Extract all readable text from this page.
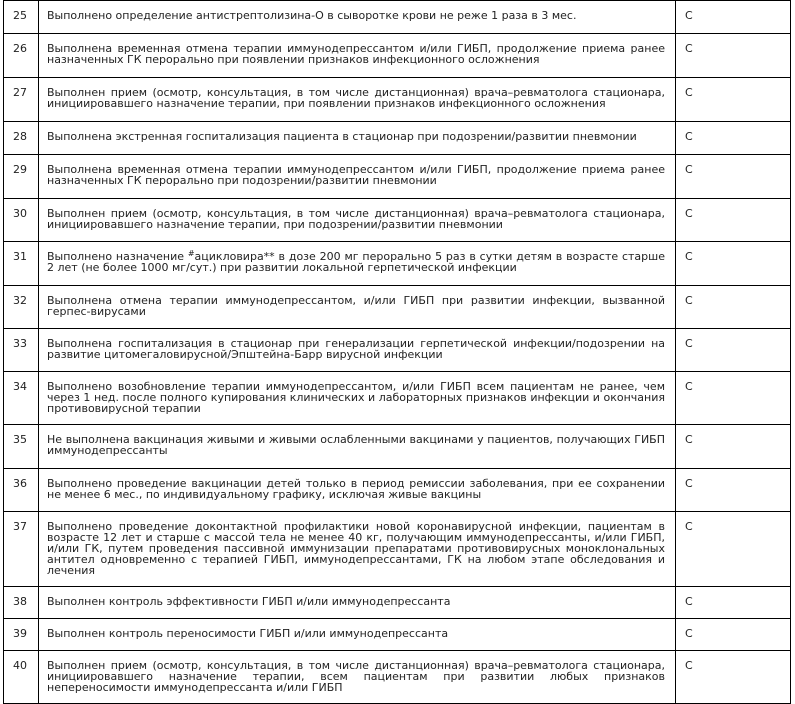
25	Выполнено определение антистрептолизина-О в сыворотке крови не реже 1 раза в 3 мес.	C

26	Выполнена временная отмена терапии иммунодепрессантом и/или ГИБП, продолжение приема ранее назначенных ГК перорально при появлении признаков инфекционного осложнения	C

27	Выполнен прием (осмотр, консультация, в том числе дистанционная) врача–ревматолога стационара, инициировавшего назначение терапии, при появлении признаков инфекционного осложнения	C

28	Выполнена экстренная госпитализация пациента в стационар при подозрении/развитии пневмонии	C

29	Выполнена временная отмена терапии иммунодепрессантом и/или ГИБП, продолжение приема ранее назначенных ГК перорально при подозрении/развитии пневмонии	C

30	Выполнен прием (осмотр, консультация, в том числе дистанционная) врача–ревматолога стационара, инициировавшего назначение терапии, при подозрении/развитии пневмонии	C

31	Выполнено назначение #ацикловира** в дозе 200 мг перорально 5 раз в сутки детям в возрасте старше 2 лет (не более 1000 мг/сут.) при развитии локальной герпетической инфекции	C

32	Выполнена отмена терапии иммунодепрессантом, и/или ГИБП при развитии инфекции, вызванной герпес-вирусами	C

33	Выполнена госпитализация в стационар при генерализации герпетической инфекции/подозрении на развитие цитомегаловирусной/Эпштейна-Барр вирусной инфекции	C

34	Выполнено возобновление терапии иммунодепрессантом, и/или ГИБП всем пациентам не ранее, чем через 1 нед. после полного купирования клинических и лабораторных признаков инфекции и окончания противовирусной терапии	C

35	Не выполнена вакцинация живыми и живыми ослабленными вакцинами у пациентов, получающих ГИБП иммунодепрессанты	C

36	Выполнено проведение вакцинации детей только в период ремиссии заболевания, при ее сохранении не менее 6 мес., по индивидуальному графику, исключая живые вакцины	C

37	Выполнено проведение доконтактной профилактики новой коронавирусной инфекции, пациентам в возрасте 12 лет и старше с массой тела не менее 40 кг, получающим иммунодепрессанты, и/или ГИБП, и/или ГК, путем проведения пассивной иммунизации препаратами противовирусных моноклональных антител одновременно с терапией ГИБП, иммунодепрессантами, ГК на любом этапе обследования и лечения	C

38	Выполнен контроль эффективности ГИБП и/или иммунодепрессанта	C

39	Выполнен контроль переносимости ГИБП и/или иммунодепрессанта	C

40	Выполнен прием (осмотр, консультация, в том числе дистанционная) врача–ревматолога стационара, инициировавшего назначение терапии, всем пациентам при развитии любых признаков непереносимости иммунодепрессанта и/или ГИБП	C
